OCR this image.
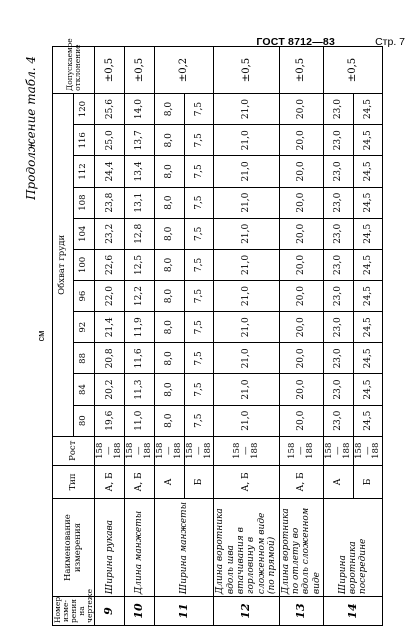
ГОСТ 8712—83	Стр. 7
Продолжение табл. 4
см
Номер изме-рения на чертеже	Наименование измерения	Тип	Рост	Обхват груди											Допускаемое отклонение
				80	84	88	92	96	100	104	108	112	116	120	
9	Ширина рукава	А, Б	158—188	19,6	20,2	20,8	21,4	22,0	22,6	23,2	23,8	24,4	25,0	25,6	±0,5
10	Длина манжеты	А, Б	158—188	11,0	11,3	11,6	11,9	12,2	12,5	12,8	13,1	13,4	13,7	14,0	±0,5
11	Ширина манжеты	А	158—188	8,0	8,0	8,0	8,0	8,0	8,0	8,0	8,0	8,0	8,0	8,0	±0,2
		Б	158—188	7,5	7,5	7,5	7,5	7,5	7,5	7,5	7,5	7,5	7,5	7,5	
12	Длина воротника вдоль шва втачивания в горловину в сложенном виде (по прямой)	А, Б	158—188	21,0	21,0	21,0	21,0	21,0	21,0	21,0	21,0	21,0	21,0	21,0	±0,5
13	Длина воротника по отлету во вдоль сложенном виде	А, Б	158—188	20,0	20,0	20,0	20,0	20,0	20,0	20,0	20,0	20,0	20,0	20,0	±0,5
14	Ширина воротника посередине	А	158—188	23,0	23,0	23,0	23,0	23,0	23,0	23,0	23,0	23,0	23,0	23,0	±0,5
		Б	158—188	24,5	24,5	24,5	24,5	24,5	24,5	24,5	24,5	24,5	24,5	24,5	
